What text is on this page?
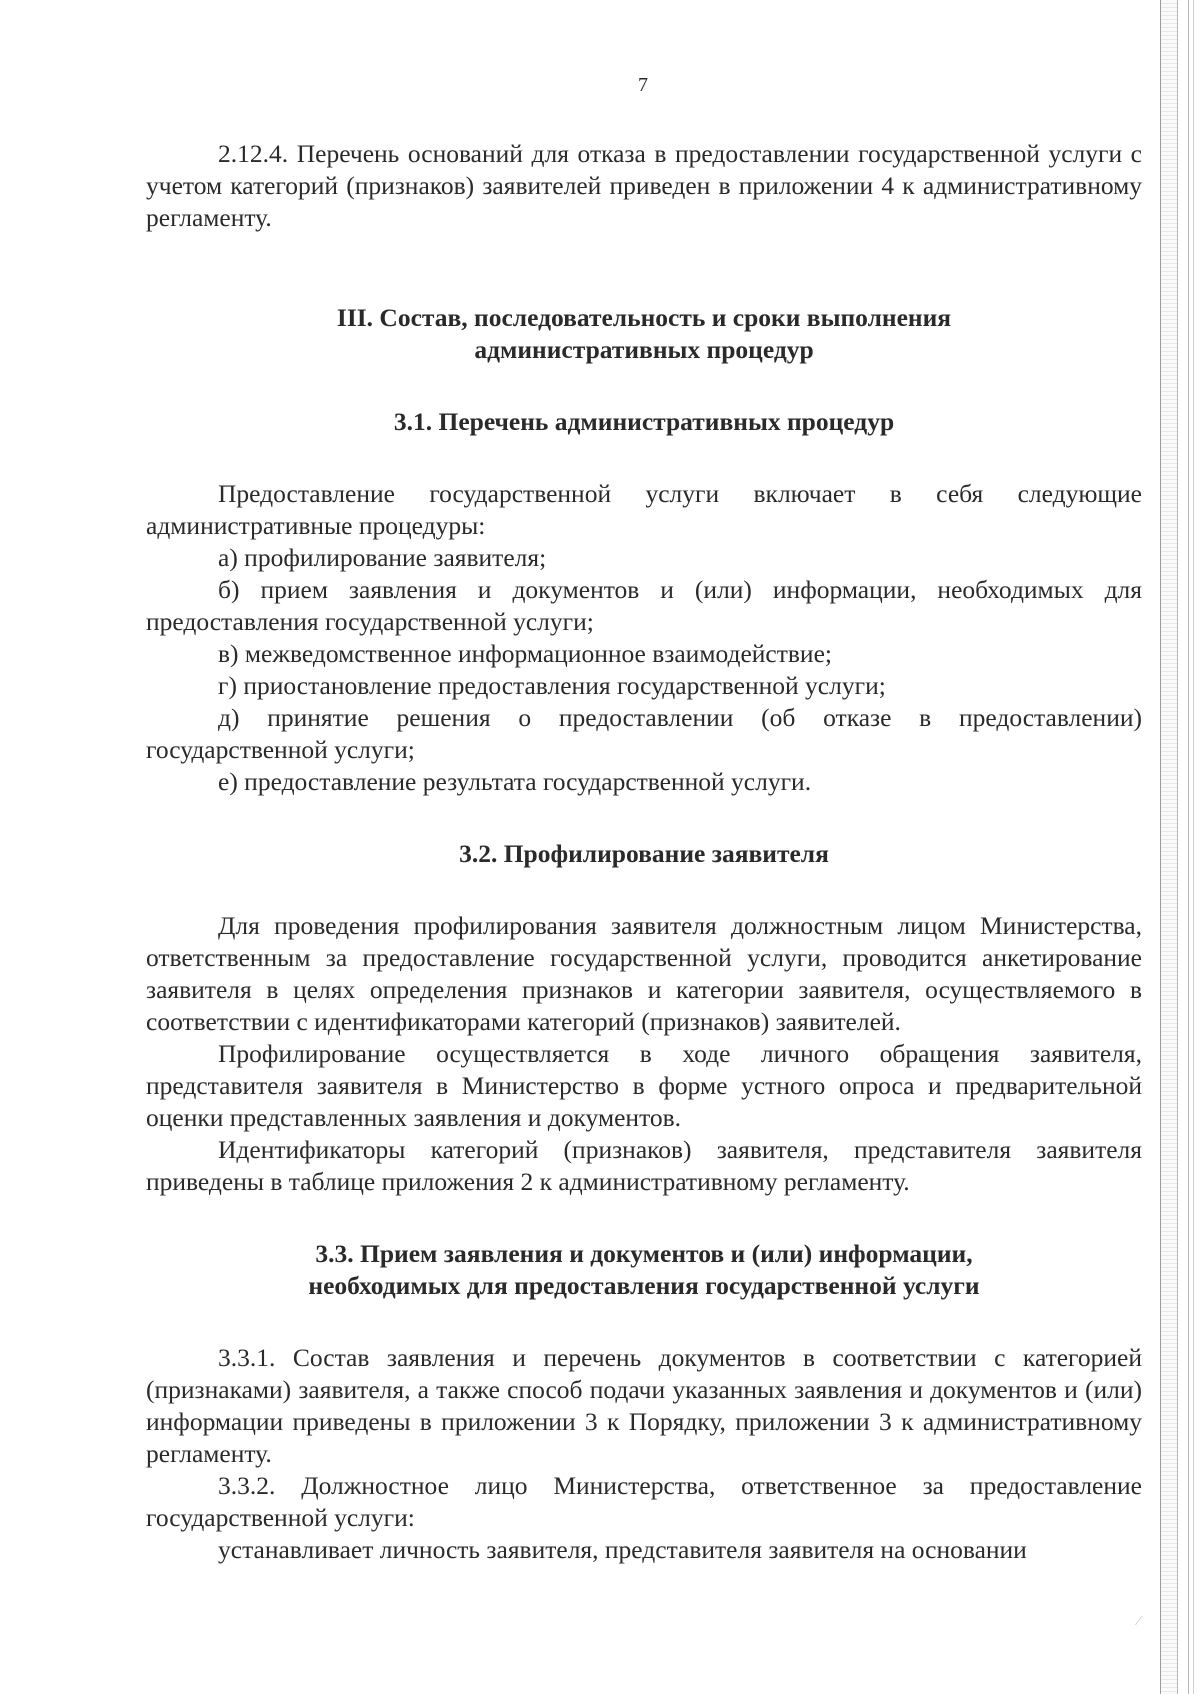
7

2.12.4. Перечень оснований для отказа в предоставлении государственной услуги с учетом категорий (признаков) заявителей приведен в приложении 4 к административному регламенту.

III. Состав, последовательность и сроки выполнения
административных процедур
3.1. Перечень административных процедур

Предоставление государственной услуги включает в себя следующие административные процедуры:

а) профилирование заявителя;

б) прием заявления и документов и (или) информации, необходимых для предоставления государственной услуги;

в) межведомственное информационное взаимодействие;

г) приостановление предоставления государственной услуги;

д) принятие решения о предоставлении (об отказе в предоставлении) государственной услуги;

е) предоставление результата государственной услуги.

3.2. Профилирование заявителя

Для проведения профилирования заявителя должностным лицом Министерства, ответственным за предоставление государственной услуги, проводится анкетирование заявителя в целях определения признаков и категории заявителя, осуществляемого в соответствии с идентификаторами категорий (признаков) заявителей.

Профилирование осуществляется в ходе личного обращения заявителя, представителя заявителя в Министерство в форме устного опроса и предварительной оценки представленных заявления и документов.

Идентификаторы категорий (признаков) заявителя, представителя заявителя приведены в таблице приложения 2 к административному регламенту.

3.3. Прием заявления и документов и (или) информации,
необходимых для предоставления государственной услуги

3.3.1. Состав заявления и перечень документов в соответствии с категорией (признаками) заявителя, а также способ подачи указанных заявления и документов и (или) информации приведены в приложении 3 к Порядку, приложении 3 к административному регламенту.

3.3.2. Должностное лицо Министерства, ответственное за предоставление государственной услуги:

устанавливает личность заявителя, представителя заявителя на основании

⁄
